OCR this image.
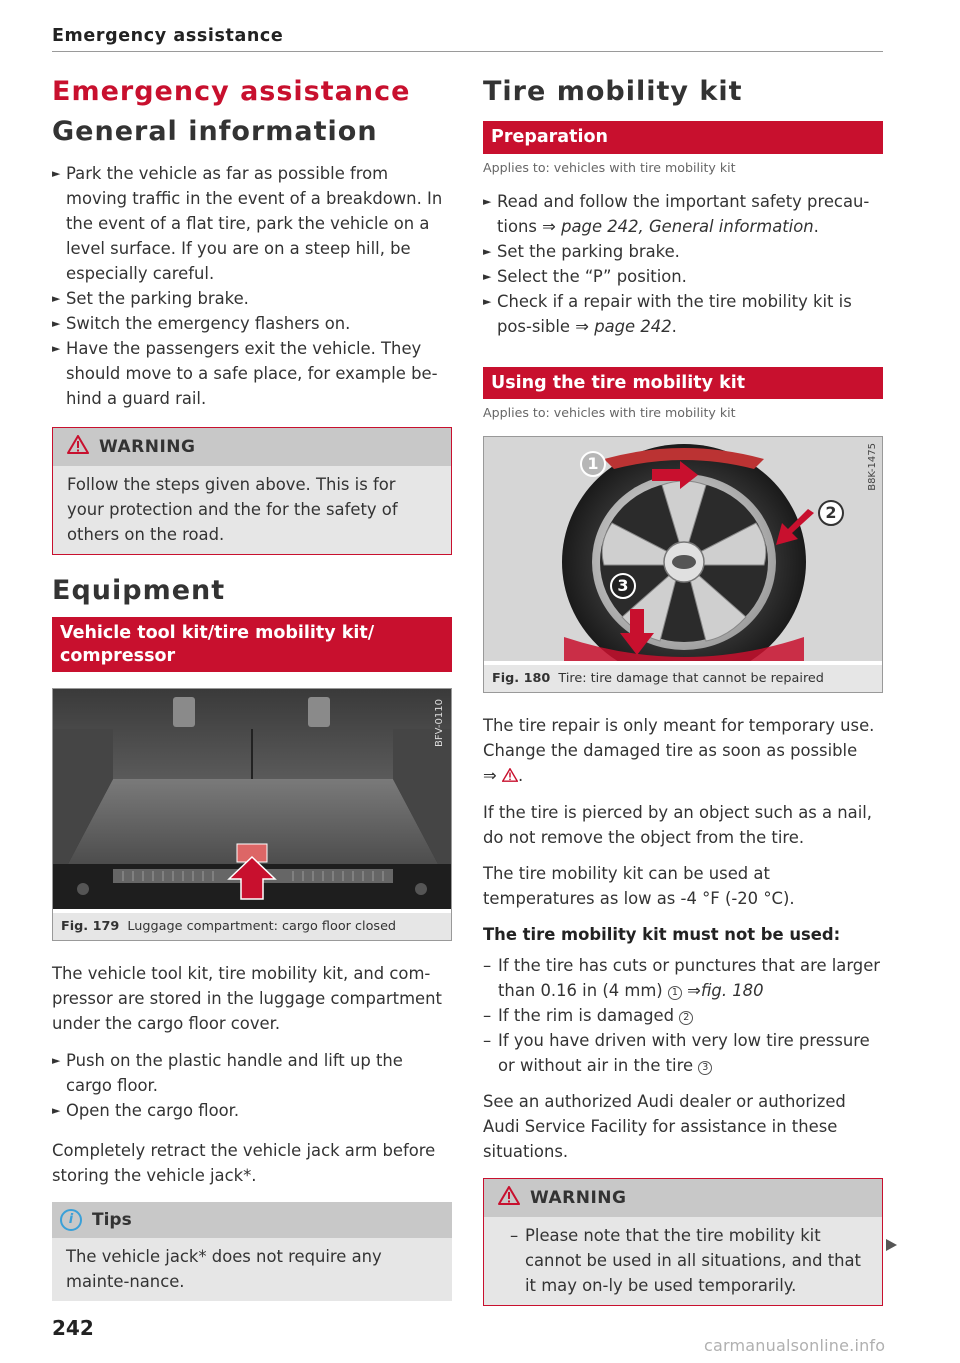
Emergency assistance
Emergency assistance
General information
► Park the vehicle as far as possible from moving traffic in the event of a breakdown. In the event of a flat tire, park the vehicle on a level surface. If you are on a steep hill, be especially careful.
► Set the parking brake.
► Switch the emergency flashers on.
► Have the passengers exit the vehicle. They should move to a safe place, for example be-hind a guard rail.
WARNING
Follow the steps given above. This is for your protection and the for the safety of others on the road.
Equipment
Vehicle tool kit/tire mobility kit/ compressor
BFV-0110
Fig. 179 Luggage compartment: cargo floor closed

The vehicle tool kit, tire mobility kit, and com-pressor are stored in the luggage compartment under the cargo floor cover.

► Push on the plastic handle and lift up the cargo floor.
► Open the cargo floor.

Completely retract the vehicle jack arm before storing the vehicle jack*.

i	Tips
The vehicle jack* does not require any mainte-nance.
Tire mobility kit
Preparation
Applies to: vehicles with tire mobility kit
► Read and follow the important safety precau-tions ⇒ page 242, General information.
► Set the parking brake.
► Select the “P” position.
► Check if a repair with the tire mobility kit is pos-sible ⇒ page 242.
Using the tire mobility kit
Applies to: vehicles with tire mobility kit
1
2
3
B8K-1475
Fig. 180 Tire: tire damage that cannot be repaired

The tire repair is only meant for temporary use. Change the damaged tire as soon as possible
⇒ .

If the tire is pierced by an object such as a nail, do not remove the object from the tire.

The tire mobility kit can be used at temperatures as low as -4 °F (-20 °C).

The tire mobility kit must not be used:
– If the tire has cuts or punctures that are larger than 0.16 in (4 mm) 1 ⇒fig. 180
– If the rim is damaged 2
– If you have driven with very low tire pressure or without air in the tire 3

See an authorized Audi dealer or authorized Audi Service Facility for assistance in these situations.

WARNING
– Please note that the tire mobility kit cannot be used in all situations, and that it may on-ly be used temporarily.
242
carmanualsonline.info
